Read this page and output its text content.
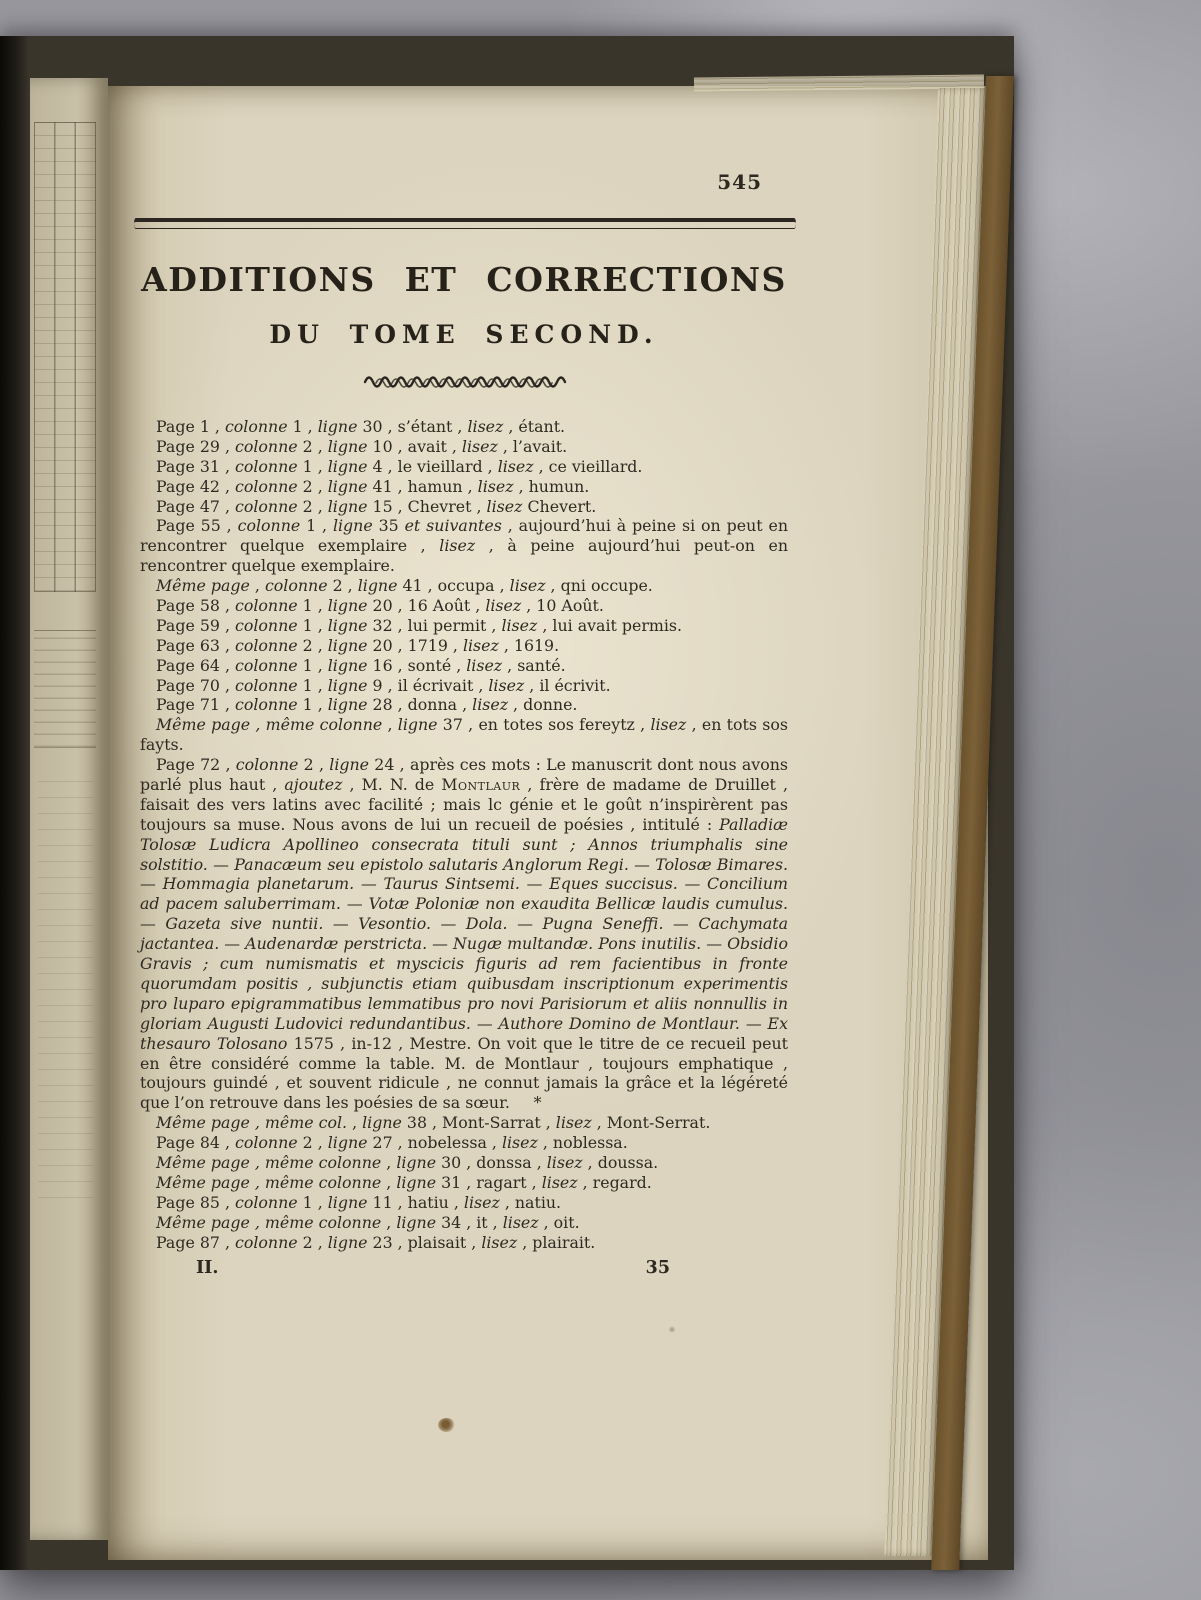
545
ADDITIONS ET CORRECTIONS
DU TOME SECOND.

Page 1 , colonne 1 , ligne 30 , s’étant , lisez , étant.

Page 29 , colonne 2 , ligne 10 , avait , lisez , l’avait.

Page 31 , colonne 1 , ligne 4 , le vieillard , lisez , ce vieillard.

Page 42 , colonne 2 , ligne 41 , hamun , lisez , humun.

Page 47 , colonne 2 , ligne 15 , Chevret , lisez Chevert.

Page 55 , colonne 1 , ligne 35 et suivantes , aujourd’hui à peine si on peut en rencontrer quelque exemplaire , lisez , à peine aujourd’hui peut-on en rencontrer quelque exemplaire.

Même page , colonne 2 , ligne 41 , occupa , lisez , qni occupe.

Page 58 , colonne 1 , ligne 20 , 16 Août , lisez , 10 Août.

Page 59 , colonne 1 , ligne 32 , lui permit , lisez , lui avait permis.

Page 63 , colonne 2 , ligne 20 , 1719 , lisez , 1619.

Page 64 , colonne 1 , ligne 16 , sonté , lisez , santé.

Page 70 , colonne 1 , ligne 9 , il écrivait , lisez , il écrivit.

Page 71 , colonne 1 , ligne 28 , donna , lisez , donne.

Même page , même colonne , ligne 37 , en totes sos fereytz , lisez , en tots sos fayts.

Page 72 , colonne 2 , ligne 24 , après ces mots : Le manuscrit dont nous avons parlé plus haut , ajoutez , M. N. de Montlaur , frère de madame de Druillet , faisait des vers latins avec facilité ; mais lc génie et le goût n’inspirèrent pas toujours sa muse. Nous avons de lui un recueil de poésies , intitulé : Palladiæ Tolosæ Ludicra Apollineo consecrata tituli sunt ; Annos triumphalis sine solstitio. — Panacæum seu epistolo salutaris Anglorum Regi. — Tolosæ Bimares. — Hommagia planetarum. — Taurus Sintsemi. — Eques succisus. — Concilium ad pacem saluberrimam. — Votæ Poloniæ non exaudita Bellicæ laudis cumulus. — Gazeta sive nuntii. — Vesontio. — Dola. — Pugna Seneffi. — Cachymata jactantea. — Audenardæ perstricta. — Nugæ multandæ. Pons inutilis. — Obsidio Gravis ; cum numismatis et myscicis figuris ad rem facientibus in fronte quorumdam positis , subjunctis etiam quibusdam inscriptionum experimentis pro luparo epigrammatibus lemmatibus pro novi Parisiorum et aliis nonnullis in gloriam Augusti Ludovici redundantibus. — Authore Domino de Montlaur. — Ex thesauro Tolosano 1575 , in-12 , Mestre. On voit que le titre de ce recueil peut en être considéré comme la table. M. de Montlaur , toujours emphatique , toujours guindé , et souvent ridicule , ne connut jamais la grâce et la légéreté que l’on retrouve dans les poésies de sa sœur.  *

Même page , même col. , ligne 38 , Mont-Sarrat , lisez , Mont-Serrat.

Page 84 , colonne 2 , ligne 27 , nobelessa , lisez , noblessa.

Même page , même colonne , ligne 30 , donssa , lisez , doussa.

Même page , même colonne , ligne 31 , ragart , lisez , regard.

Page 85 , colonne 1 , ligne 11 , hatiu , lisez , natiu.

Même page , même colonne , ligne 34 , it , lisez , oit.

Page 87 , colonne 2 , ligne 23 , plaisait , lisez , plairait.

II.	35
